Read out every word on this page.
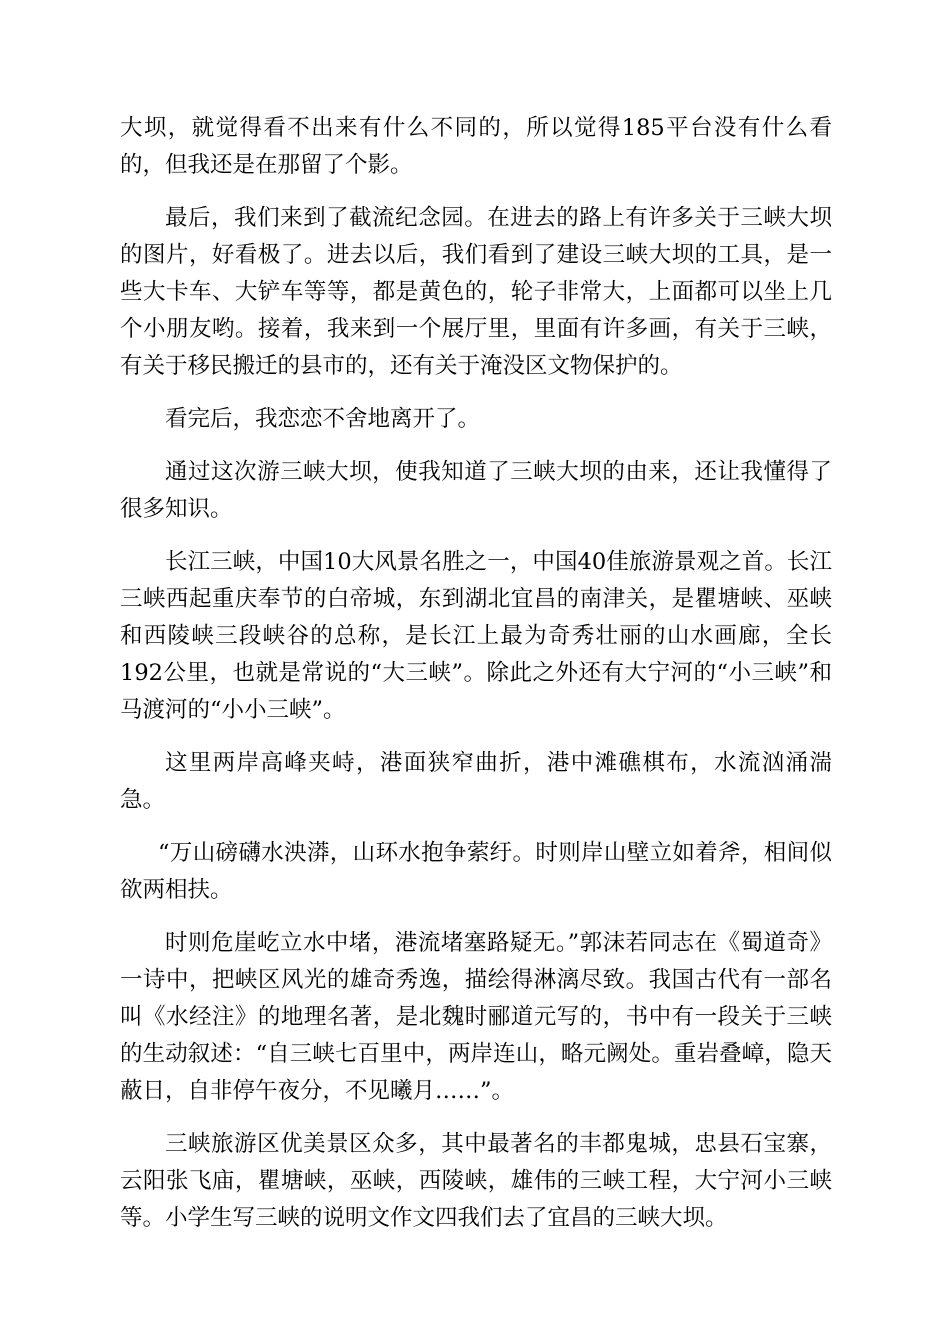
大坝，就觉得看不出来有什么不同的，所以觉得185平台没有什么看的，但我还是在那留了个影。

最后，我们来到了截流纪念园。在进去的路上有许多关于三峡大坝的图片，好看极了。进去以后，我们看到了建设三峡大坝的工具，是一些大卡车、大铲车等等，都是黄色的，轮子非常大，上面都可以坐上几个小朋友哟。接着，我来到一个展厅里，里面有许多画，有关于三峡，有关于移民搬迁的县市的，还有关于淹没区文物保护的。

看完后，我恋恋不舍地离开了。

通过这次游三峡大坝，使我知道了三峡大坝的由来，还让我懂得了很多知识。

长江三峡，中国10大风景名胜之一，中国40佳旅游景观之首。长江三峡西起重庆奉节的白帝城，东到湖北宜昌的南津关，是瞿塘峡、巫峡和西陵峡三段峡谷的总称，是长江上最为奇秀壮丽的山水画廊，全长192公里，也就是常说的“大三峡”。除此之外还有大宁河的“小三峡”和马渡河的“小小三峡”。

这里两岸高峰夹峙，港面狭窄曲折，港中滩礁棋布，水流汹涌湍急。

“万山磅礴水泱漭，山环水抱争萦纡。时则岸山壁立如着斧，相间似欲两相扶。

时则危崖屹立水中堵，港流堵塞路疑无。”郭沫若同志在《蜀道奇》一诗中，把峡区风光的雄奇秀逸，描绘得淋漓尽致。我国古代有一部名叫《水经注》的地理名著，是北魏时郦道元写的，书中有一段关于三峡的生动叙述：“自三峡七百里中，两岸连山，略元阙处。重岩叠嶂，隐天蔽日，自非停午夜分，不见曦月……”。

三峡旅游区优美景区众多，其中最著名的丰都鬼城，忠县石宝寨，云阳张飞庙，瞿塘峡，巫峡，西陵峡，雄伟的三峡工程，大宁河小三峡等。小学生写三峡的说明文作文四我们去了宜昌的三峡大坝。
